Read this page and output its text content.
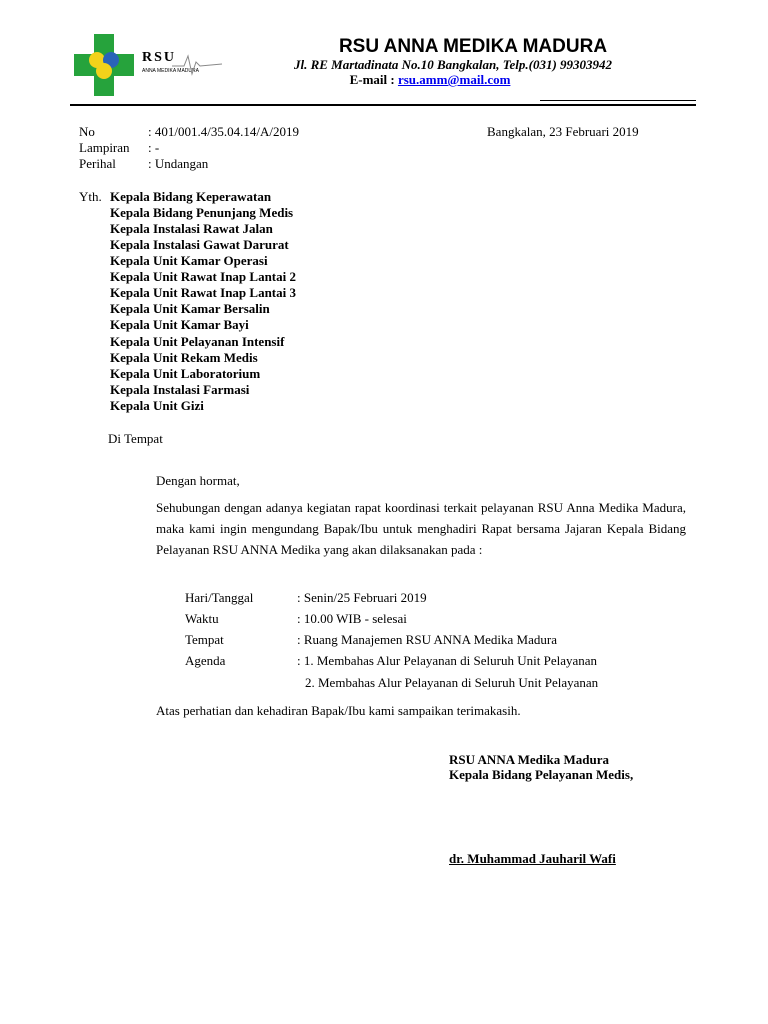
RSU
ANNA MEDIKA MADURA
RSU ANNA MEDIKA MADURA
Jl. RE Martadinata No.10 Bangkalan, Telp.(031) 99303942
E-mail : rsu.amm@mail.com
No	: 401/001.4/35.04.14/A/2019
Lampiran : -
Perihal : Undangan
Bangkalan, 23 Februari 2019
Yth. Kepala Bidang Keperawatan
Kepala Bidang Penunjang Medis
Kepala Instalasi Rawat Jalan
Kepala Instalasi Gawat Darurat
Kepala Unit Kamar Operasi
Kepala Unit Rawat Inap Lantai 2
Kepala Unit Rawat Inap Lantai 3
Kepala Unit Kamar Bersalin
Kepala Unit Kamar Bayi
Kepala Unit Pelayanan Intensif
Kepala Unit Rekam Medis
Kepala Unit Laboratorium
Kepala Instalasi Farmasi
Kepala Unit Gizi
Di Tempat
Dengan hormat,
Sehubungan dengan adanya kegiatan rapat koordinasi terkait pelayanan RSU Anna Medika Madura, maka kami ingin mengundang Bapak/Ibu untuk menghadiri Rapat bersama Jajaran Kepala Bidang Pelayanan RSU ANNA Medika yang akan dilaksanakan pada :
Hari/Tanggal	: Senin/25 Februari 2019
Waktu	: 10.00 WIB - selesai
Tempat	: Ruang Manajemen RSU ANNA Medika Madura
Agenda	: 1. Membahas Alur Pelayanan di Seluruh Unit Pelayanan
2. Membahas Alur Pelayanan di Seluruh Unit Pelayanan
Atas perhatian dan kehadiran Bapak/Ibu kami sampaikan terimakasih.
RSU ANNA Medika Madura
Kepala Bidang Pelayanan Medis,
dr. Muhammad Jauharil Wafi
